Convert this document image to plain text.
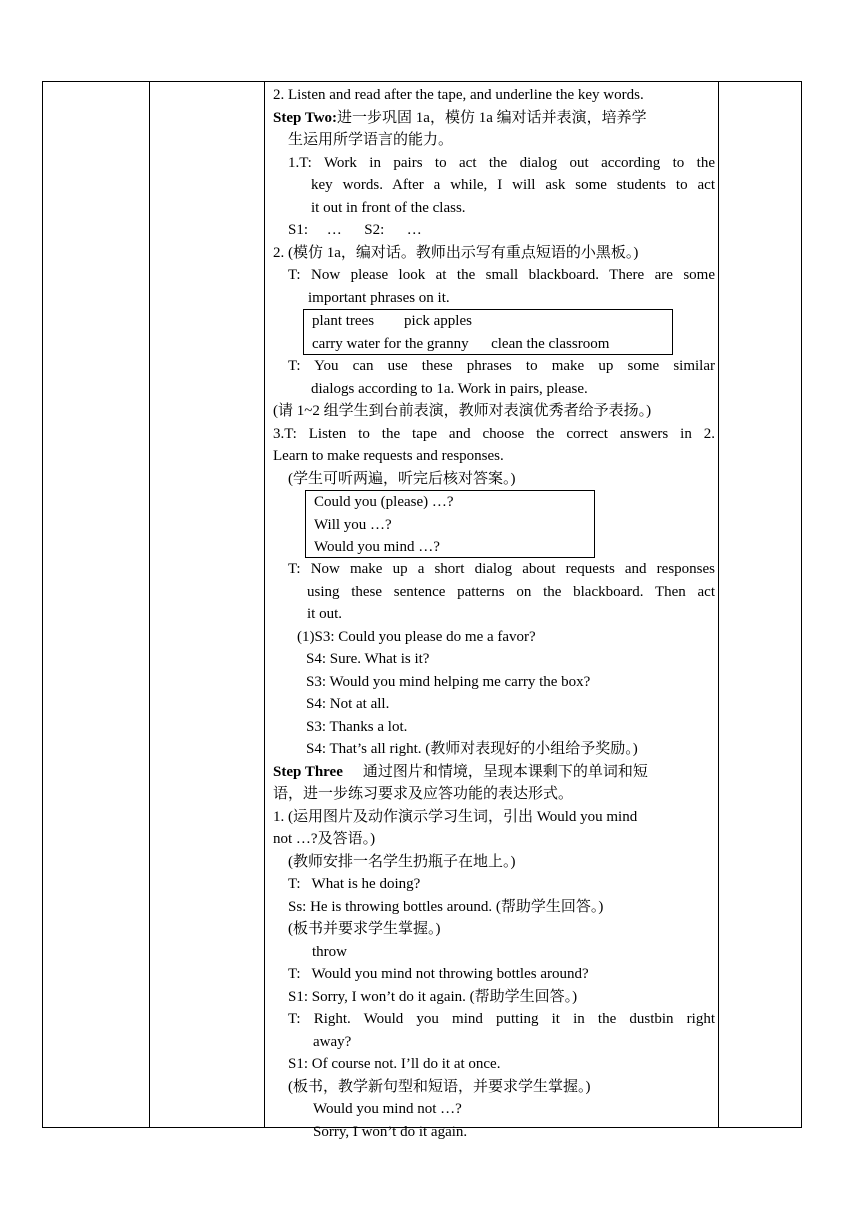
2. Listen and read after the tape, and underline the key words.
Step Two:进一步巩固 1a，模仿 1a 编对话并表演，培养学
生运用所学语言的能力。
1.T: Work in pairs to act the dialog out according to the
key words. After a while, I will ask some students to act
it out in front of the class.
S1:     …      S2:      …
2. (模仿 1a，编对话。教师出示写有重点短语的小黑板。)
T: Now please look at the small blackboard. There are some
important phrases on it.
plant trees        pick apples
carry water for the granny      clean the classroom
T: You can use these phrases to make up some similar
dialogs according to 1a. Work in pairs, please.
(请 1~2 组学生到台前表演，教师对表演优秀者给予表扬。)
3.T: Listen to the tape and choose the correct answers in 2.
Learn to make requests and responses.
(学生可听两遍，听完后核对答案。)
Could you (please) …?
Will you …?
Would you mind …?
T: Now make up a short dialog about requests and responses
using these sentence patterns on the blackboard. Then act
it out.
(1)S3: Could you please do me a favor?
S4: Sure. What is it?
S3: Would you mind helping me carry the box?
S4: Not at all.
S3: Thanks a lot.
S4: That’s all right. (教师对表现好的小组给予奖励。)
Step Three 通过图片和情境，呈现本课剩下的单词和短
语，进一步练习要求及应答功能的表达形式。
1. (运用图片及动作演示学习生词，引出 Would you mind
not …?及答语。)
(教师安排一名学生扔瓶子在地上。)
T:   What is he doing?
Ss: He is throwing bottles around. (帮助学生回答。)
(板书并要求学生掌握。)
throw
T:   Would you mind not throwing bottles around?
S1: Sorry, I won’t do it again. (帮助学生回答。)
T: Right. Would you mind putting it in the dustbin right
away?
S1: Of course not. I’ll do it at once.
(板书，教学新句型和短语，并要求学生掌握。)
Would you mind not …?
Sorry, I won’t do it again.
